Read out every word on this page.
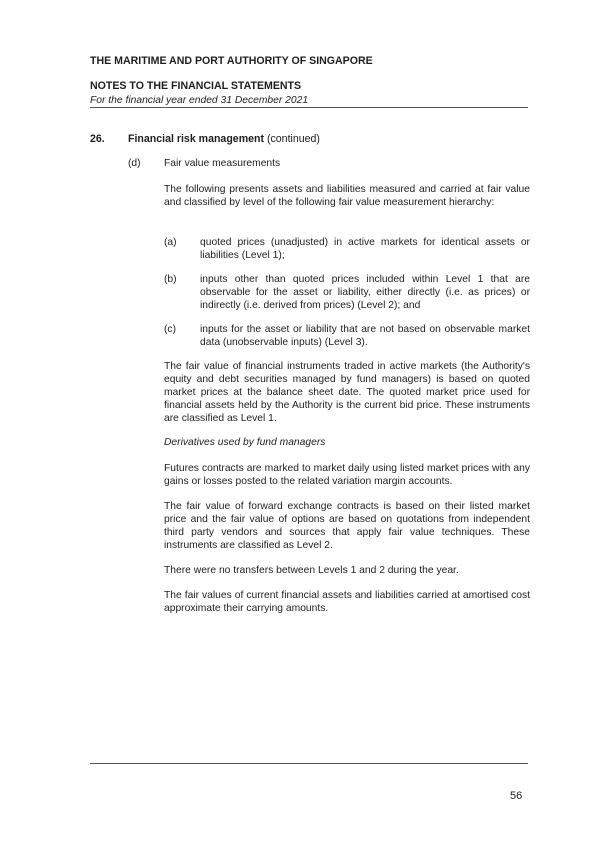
THE MARITIME AND PORT AUTHORITY OF SINGAPORE
NOTES TO THE FINANCIAL STATEMENTS
For the financial year ended 31 December 2021
26. Financial risk management (continued)
(d) Fair value measurements
The following presents assets and liabilities measured and carried at fair value and classified by level of the following fair value measurement hierarchy:
(a) quoted prices (unadjusted) in active markets for identical assets or liabilities (Level 1);
(b) inputs other than quoted prices included within Level 1 that are observable for the asset or liability, either directly (i.e. as prices) or indirectly (i.e. derived from prices) (Level 2); and
(c) inputs for the asset or liability that are not based on observable market data (unobservable inputs) (Level 3).
The fair value of financial instruments traded in active markets (the Authority's equity and debt securities managed by fund managers) is based on quoted market prices at the balance sheet date. The quoted market price used for financial assets held by the Authority is the current bid price. These instruments are classified as Level 1.
Derivatives used by fund managers
Futures contracts are marked to market daily using listed market prices with any gains or losses posted to the related variation margin accounts.
The fair value of forward exchange contracts is based on their listed market price and the fair value of options are based on quotations from independent third party vendors and sources that apply fair value techniques. These instruments are classified as Level 2.
There were no transfers between Levels 1 and 2 during the year.
The fair values of current financial assets and liabilities carried at amortised cost approximate their carrying amounts.
56
